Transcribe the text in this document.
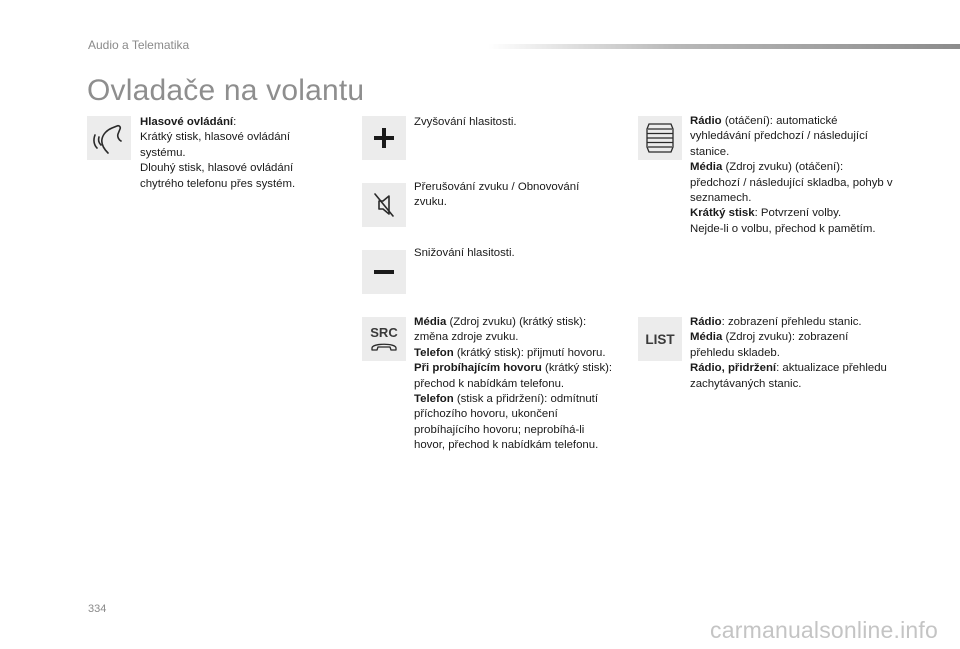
Audio a Telematika
Ovladače na volantu
Hlasové ovládání:
Krátký stisk, hlasové ovládání systému.
Dlouhý stisk, hlasové ovládání chytrého telefonu přes systém.
Zvyšování hlasitosti.
Přerušování zvuku / Obnovování zvuku.
Snižování hlasitosti.
SRC
Média (Zdroj zvuku) (krátký stisk): změna zdroje zvuku.
Telefon (krátký stisk): přijmutí hovoru.
Při probíhajícím hovoru (krátký stisk): přechod k nabídkám telefonu.
Telefon (stisk a přidržení): odmítnutí příchozího hovoru, ukončení probíhajícího hovoru; neprobíhá-li hovor, přechod k nabídkám telefonu.
Rádio (otáčení): automatické vyhledávání předchozí / následující stanice.
Média (Zdroj zvuku) (otáčení): předchozí / následující skladba, pohyb v seznamech.
Krátký stisk: Potvrzení volby.
Nejde-li o volbu, přechod k pamětím.
LIST
Rádio: zobrazení přehledu stanic.
Média (Zdroj zvuku): zobrazení přehledu skladeb.
Rádio, přidržení: aktualizace přehledu zachytávaných stanic.
334
carmanualsonline.info
